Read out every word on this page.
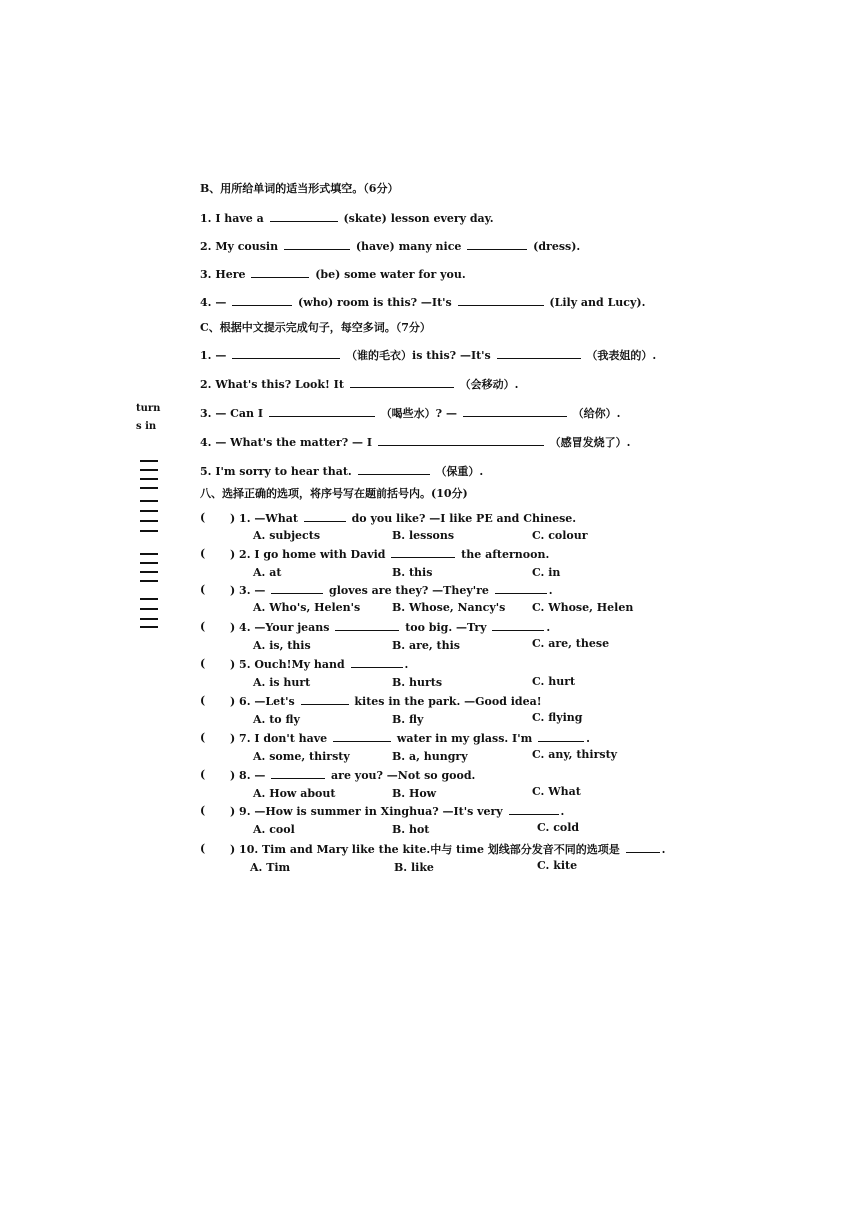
turn
s in
B、用所给单词的适当形式填空。（6分）
1. I have a	(skate) lesson every day.
2. My cousin	(have) many nice	(dress).
3. Here	(be) some water for you.
4. —	(who) room is this? —It's	(Lily and Lucy).
C、根据中文提示完成句子，每空多词。（7分）
1. —	（谁的毛衣）is this? —It's	（我表姐的）.
2. What's this? Look! It	（会移动）.
3. — Can I	（喝些水）? —	（给你）.
4. — What's the matter? — I	（感冒发烧了）.
5. I'm sorry to hear that.	（保重）.
八、选择正确的选项，将序号写在题前括号内。(10分)
( ) 1. —What	do you like? —I like PE and Chinese.
A. subjects	B. lessons	C. colour
( ) 2. I go home with David	the afternoon.
A. at	B. this	C. in
( ) 3. —	gloves are they? —They're	.
A. Who's, Helen's	B. Whose, Nancy's C. Whose, Helen
( ) 4. —Your jeans	too big. —Try	.
A. is, this	B. are, this	C. are, these
( ) 5. Ouch!My hand	.
A. is hurt	B. hurts	C. hurt
( ) 6. —Let's	kites in the park. —Good idea!
A. to fly	B. fly	C. flying
( ) 7. I don't have	water in my glass. I'm	.
A. some, thirsty	B. a, hungry	C. any, thirsty
( ) 8. —	are you? —Not so good.
A. How about	B. How	C. What
( ) 9. —How is summer in Xinghua? —It's very	.
A. cool	B. hot	C. cold
( ) 10. Tim and Mary like the kite.中与 time 划线部分发音不同的选项是	.
A. Tim	B. like	C. kite
